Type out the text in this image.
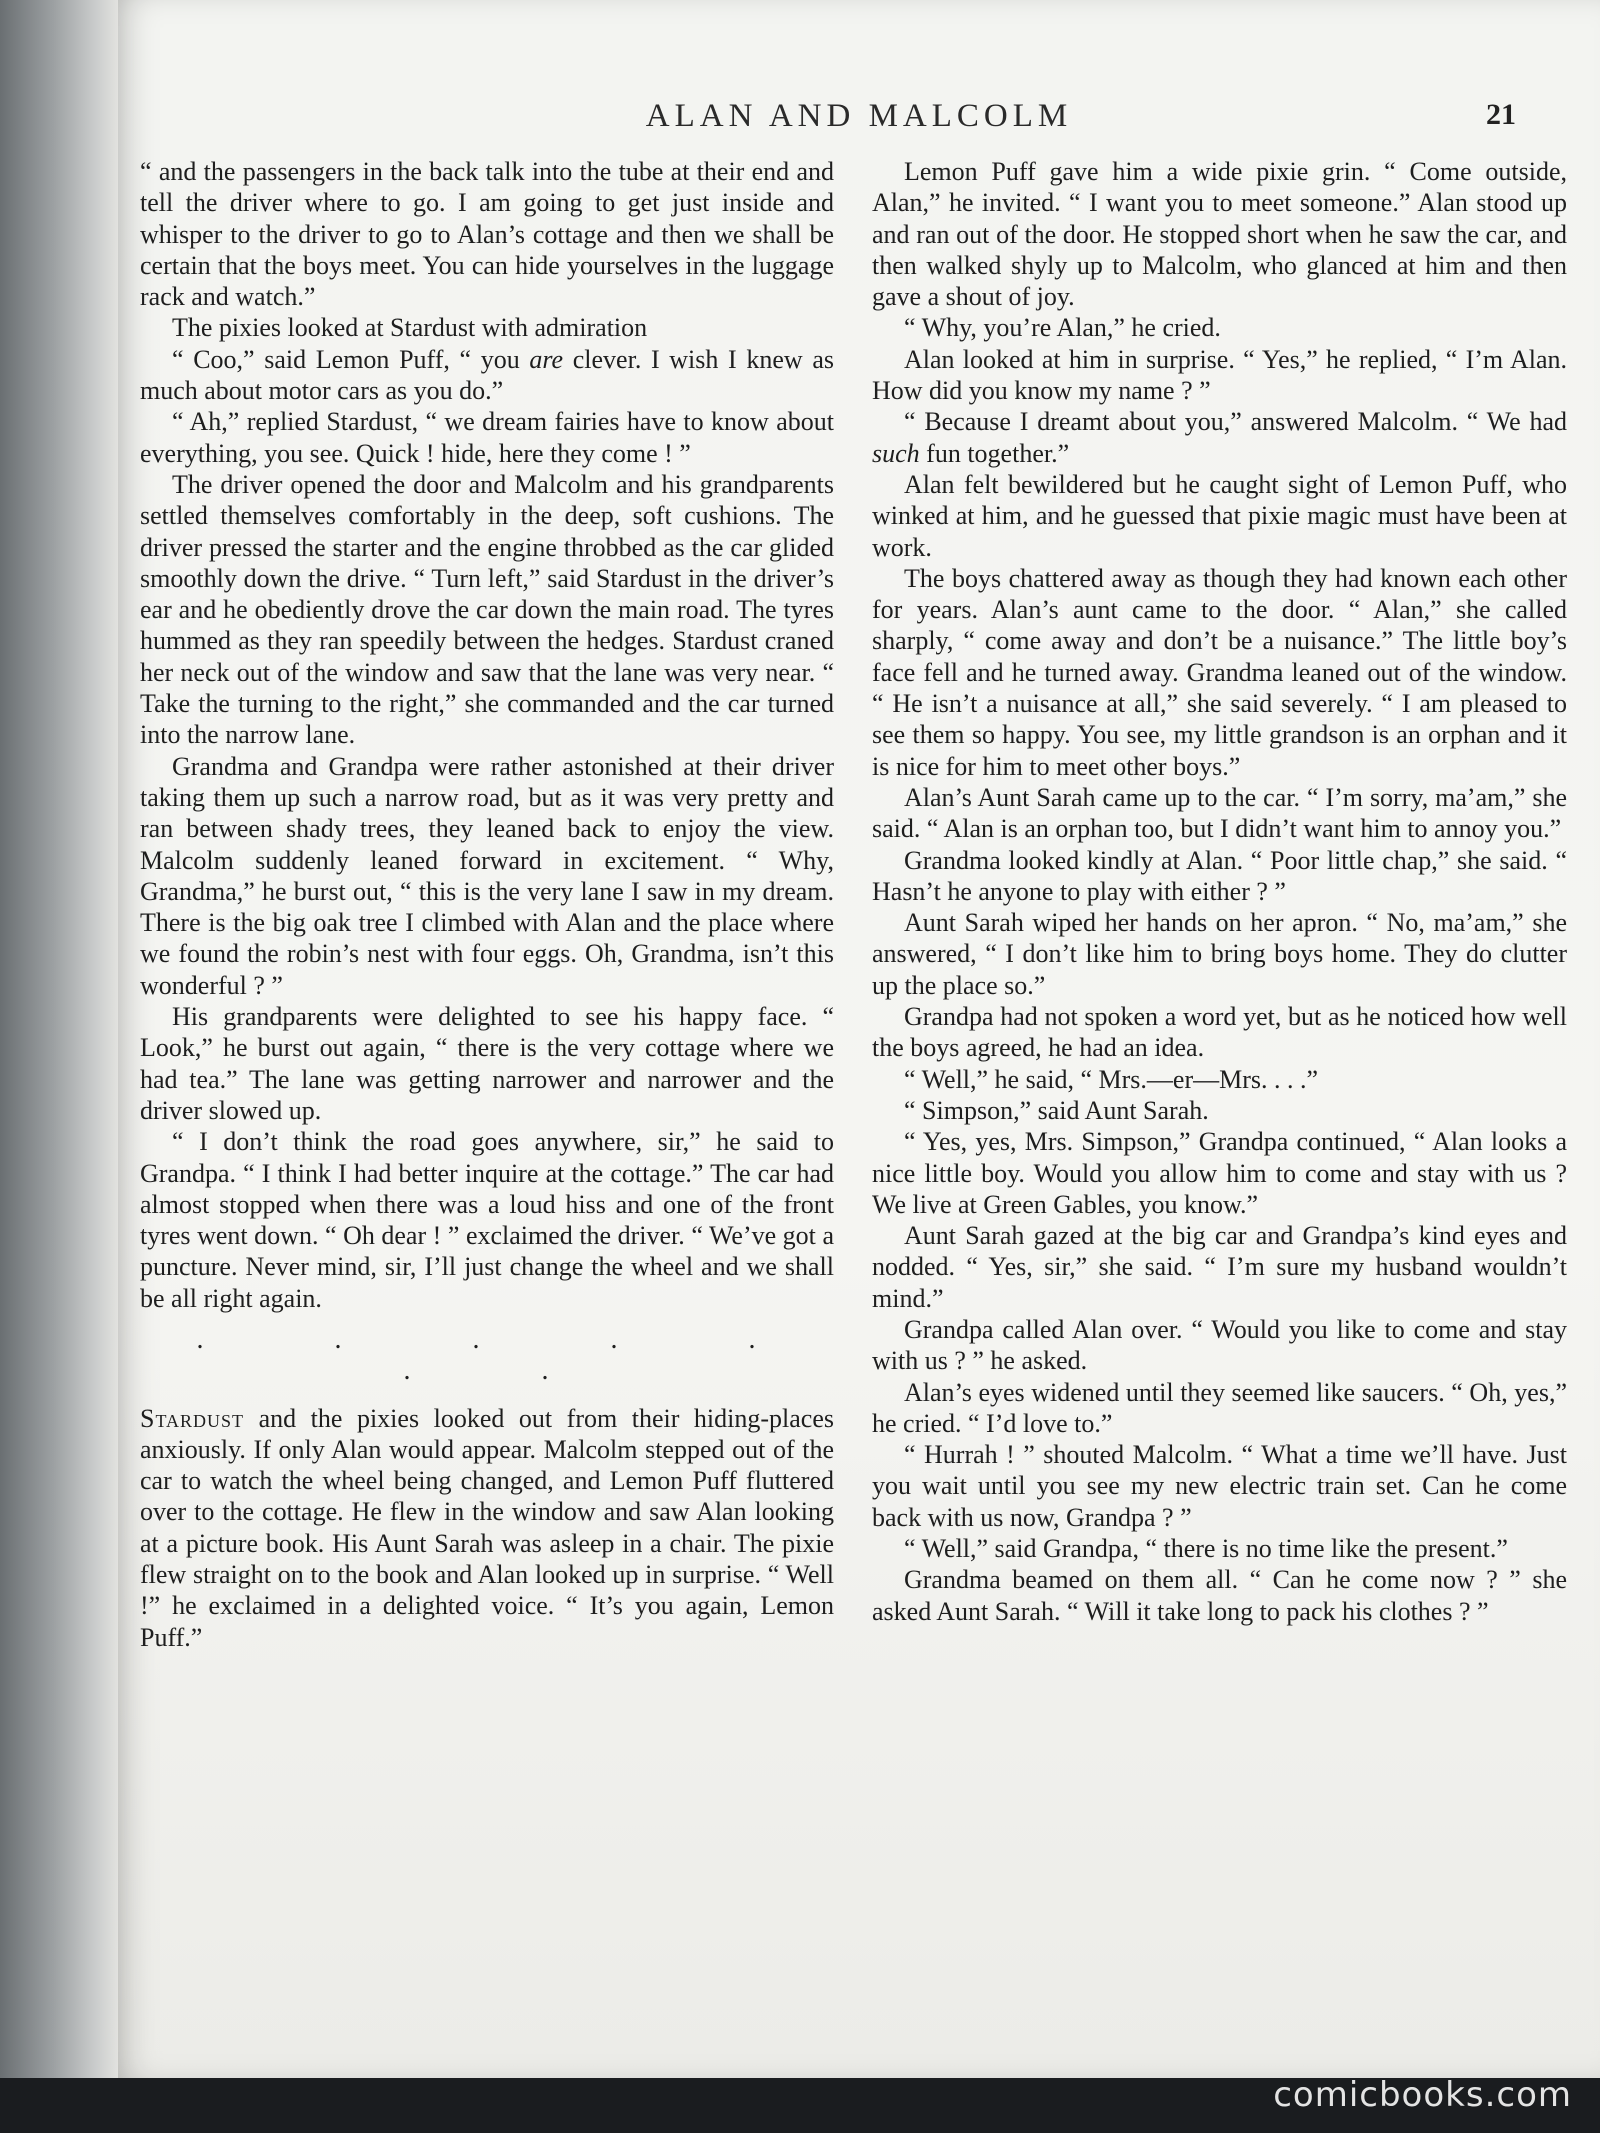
ALAN AND MALCOLM	21

“ and the passengers in the back talk into the tube at their end and tell the driver where to go. I am going to get just inside and whisper to the driver to go to Alan’s cottage and then we shall be certain that the boys meet. You can hide yourselves in the luggage rack and watch.”

The pixies looked at Stardust with admiration

“ Coo,” said Lemon Puff, “ you are clever. I wish I knew as much about motor cars as you do.”

“ Ah,” replied Stardust, “ we dream fairies have to know about everything, you see. Quick ! hide, here they come ! ”

The driver opened the door and Malcolm and his grandparents settled themselves comfortably in the deep, soft cushions. The driver pressed the starter and the engine throbbed as the car glided smoothly down the drive. “ Turn left,” said Stardust in the driver’s ear and he obediently drove the car down the main road. The tyres hummed as they ran speedily between the hedges. Stardust craned her neck out of the window and saw that the lane was very near. “ Take the turning to the right,” she commanded and the car turned into the narrow lane.

Grandma and Grandpa were rather astonished at their driver taking them up such a narrow road, but as it was very pretty and ran between shady trees, they leaned back to enjoy the view. Malcolm suddenly leaned forward in excitement. “ Why, Grandma,” he burst out, “ this is the very lane I saw in my dream. There is the big oak tree I climbed with Alan and the place where we found the robin’s nest with four eggs. Oh, Grandma, isn’t this wonderful ? ”

His grandparents were delighted to see his happy face. “ Look,” he burst out again, “ there is the very cottage where we had tea.” The lane was getting narrower and narrower and the driver slowed up.

“ I don’t think the road goes anywhere, sir,” he said to Grandpa. “ I think I had better inquire at the cottage.” The car had almost stopped when there was a loud hiss and one of the front tyres went down. “ Oh dear ! ” exclaimed the driver. “ We’ve got a puncture. Never mind, sir, I’ll just change the wheel and we shall be all right again.

. . . . . . .

Stardust and the pixies looked out from their hiding-places anxiously. If only Alan would appear. Malcolm stepped out of the car to watch the wheel being changed, and Lemon Puff fluttered over to the cottage. He flew in the window and saw Alan looking at a picture book. His Aunt Sarah was asleep in a chair. The pixie flew straight on to the book and Alan looked up in surprise. “ Well !” he exclaimed in a delighted voice. “ It’s you again, Lemon Puff.”

Lemon Puff gave him a wide pixie grin. “ Come outside, Alan,” he invited. “ I want you to meet someone.” Alan stood up and ran out of the door. He stopped short when he saw the car, and then walked shyly up to Malcolm, who glanced at him and then gave a shout of joy.

“ Why, you’re Alan,” he cried.

Alan looked at him in surprise. “ Yes,” he replied, “ I’m Alan. How did you know my name ? ”

“ Because I dreamt about you,” answered Malcolm. “ We had such fun together.”

Alan felt bewildered but he caught sight of Lemon Puff, who winked at him, and he guessed that pixie magic must have been at work.

The boys chattered away as though they had known each other for years. Alan’s aunt came to the door. “ Alan,” she called sharply, “ come away and don’t be a nuisance.” The little boy’s face fell and he turned away. Grandma leaned out of the window. “ He isn’t a nuisance at all,” she said severely. “ I am pleased to see them so happy. You see, my little grandson is an orphan and it is nice for him to meet other boys.”

Alan’s Aunt Sarah came up to the car. “ I’m sorry, ma’am,” she said. “ Alan is an orphan too, but I didn’t want him to annoy you.”

Grandma looked kindly at Alan. “ Poor little chap,” she said. “ Hasn’t he anyone to play with either ? ”

Aunt Sarah wiped her hands on her apron. “ No, ma’am,” she answered, “ I don’t like him to bring boys home. They do clutter up the place so.”

Grandpa had not spoken a word yet, but as he noticed how well the boys agreed, he had an idea.

“ Well,” he said, “ Mrs.—er—Mrs. . . .”

“ Simpson,” said Aunt Sarah.

“ Yes, yes, Mrs. Simpson,” Grandpa continued, “ Alan looks a nice little boy. Would you allow him to come and stay with us ? We live at Green Gables, you know.”

Aunt Sarah gazed at the big car and Grandpa’s kind eyes and nodded. “ Yes, sir,” she said. “ I’m sure my husband wouldn’t mind.”

Grandpa called Alan over. “ Would you like to come and stay with us ? ” he asked.

Alan’s eyes widened until they seemed like saucers. “ Oh, yes,” he cried. “ I’d love to.”

“ Hurrah ! ” shouted Malcolm. “ What a time we’ll have. Just you wait until you see my new electric train set. Can he come back with us now, Grandpa ? ”

“ Well,” said Grandpa, “ there is no time like the present.”

Grandma beamed on them all. “ Can he come now ? ” she asked Aunt Sarah. “ Will it take long to pack his clothes ? ”

comicbooks.com
